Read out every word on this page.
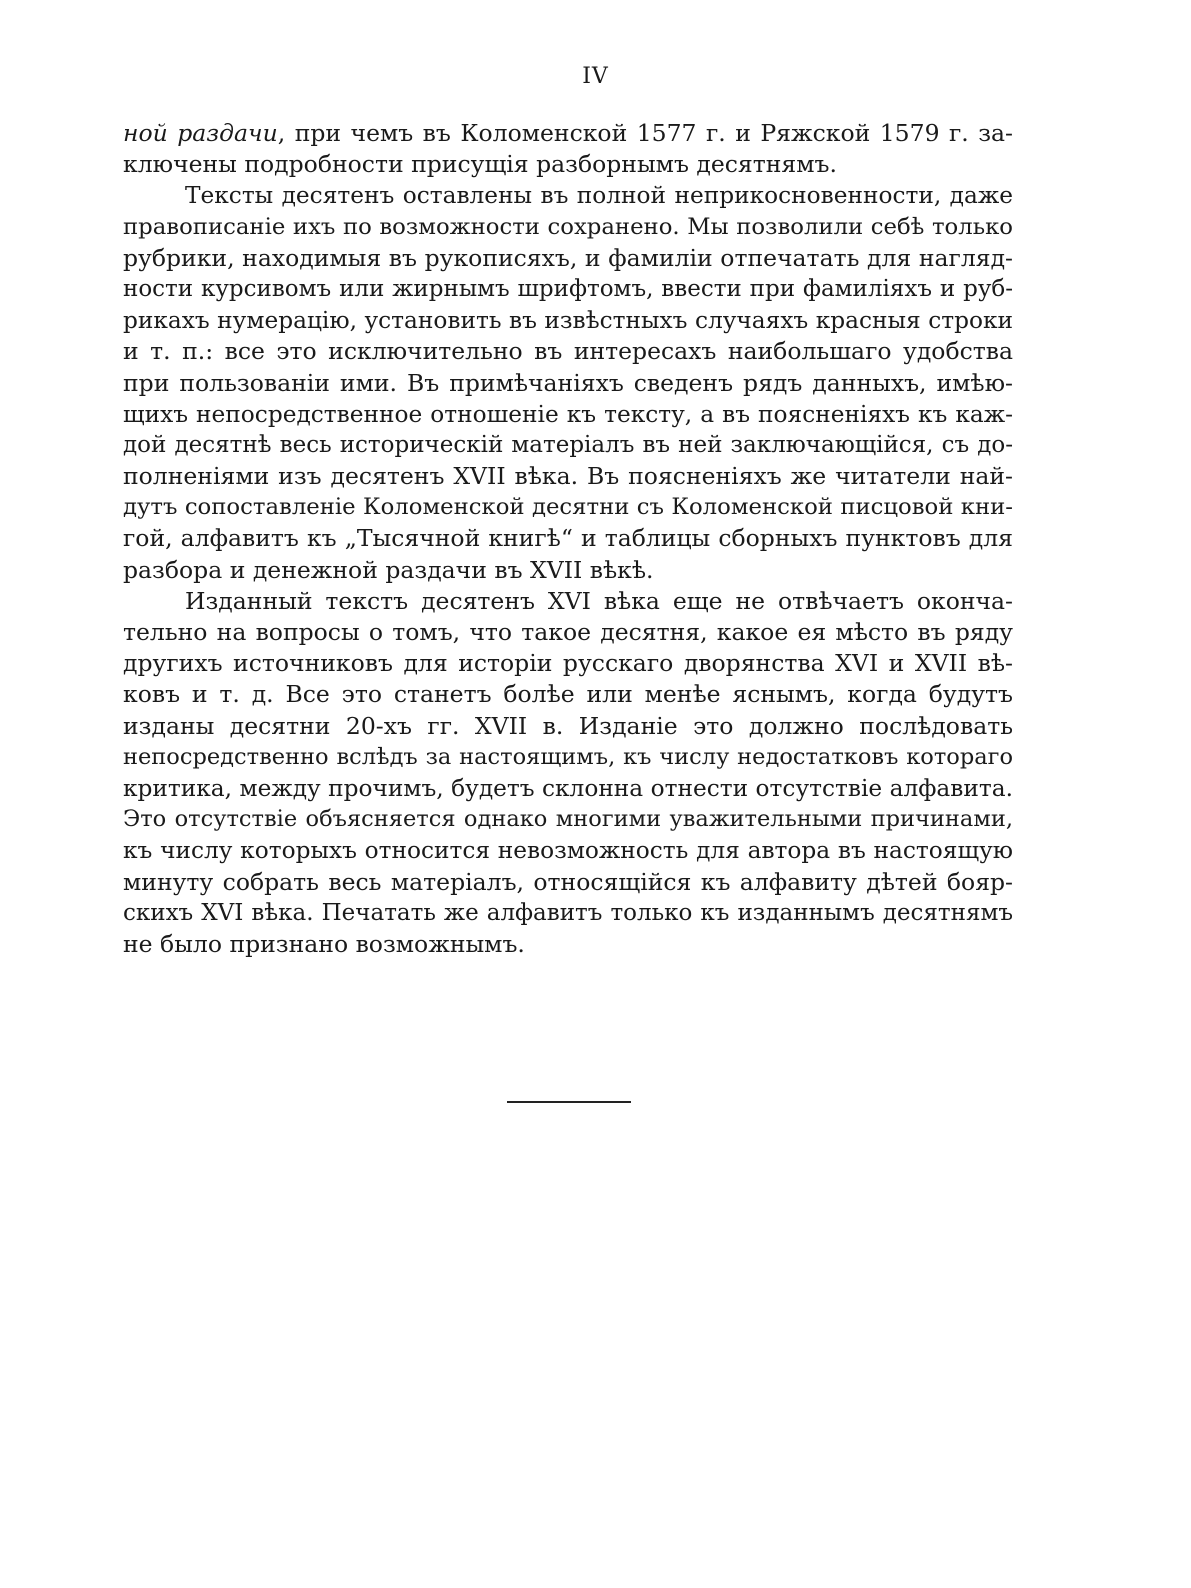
IV
ной раздачи, при чемъ въ Коломенской 1577 г. и Ряжской 1579 г. за-
ключены подробности присущія разборнымъ десятнямъ.
Тексты десятенъ оставлены въ полной неприкосновенности, даже
правописаніе ихъ по возможности сохранено. Мы позволили себѣ только
рубрики, находимыя въ рукописяхъ, и фамиліи отпечатать для нагляд-
ности курсивомъ или жирнымъ шрифтомъ, ввести при фамиліяхъ и руб-
рикахъ нумерацію, установить въ извѣстныхъ случаяхъ красныя строки
и т. п.: все это исключительно въ интересахъ наибольшаго удобства
при пользованіи ими. Въ примѣчаніяхъ сведенъ рядъ данныхъ, имѣю-
щихъ непосредственное отношеніе къ тексту, а въ поясненіяхъ къ каж-
дой десятнѣ весь историческій матеріалъ въ ней заключающійся, съ до-
полненіями изъ десятенъ XVII вѣка. Въ поясненіяхъ же читатели най-
дутъ сопоставленіе Коломенской десятни съ Коломенской писцовой кни-
гой, алфавитъ къ „Тысячной книгѣ“ и таблицы сборныхъ пунктовъ для
разбора и денежной раздачи въ XVII вѣкѣ.
Изданный текстъ десятенъ XVI вѣка еще не отвѣчаетъ оконча-
тельно на вопросы о томъ, что такое десятня, какое ея мѣсто въ ряду
другихъ источниковъ для исторіи русскаго дворянства XVI и XVII вѣ-
ковъ и т. д. Все это станетъ болѣе или менѣе яснымъ, когда будутъ
изданы десятни 20-хъ гг. XVII в. Изданіе это должно послѣдовать
непосредственно вслѣдъ за настоящимъ, къ числу недостатковъ котораго
критика, между прочимъ, будетъ склонна отнести отсутствіе алфавита.
Это отсутствіе объясняется однако многими уважительными причинами,
къ числу которыхъ относится невозможность для автора въ настоящую
минуту собрать весь матеріалъ, относящійся къ алфавиту дѣтей бояр-
скихъ XVI вѣка. Печатать же алфавитъ только къ изданнымъ десятнямъ
не было признано возможнымъ.
